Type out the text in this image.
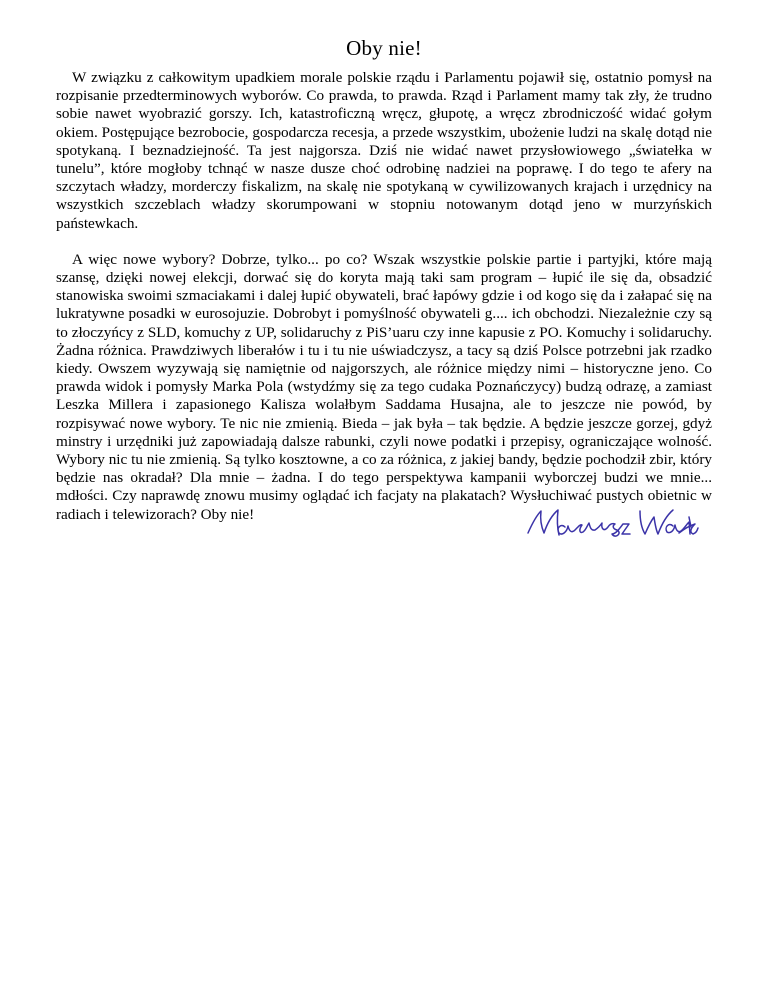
Oby nie!

W związku z całkowitym upadkiem morale polskie rządu i Parlamentu pojawił się, ostatnio pomysł na rozpisanie przedterminowych wyborów. Co prawda, to prawda. Rząd i Parlament mamy tak zły, że trudno sobie nawet wyobrazić gorszy. Ich, katastroficzną wręcz, głupotę, a wręcz zbrodniczość widać gołym okiem. Postępujące bezrobocie, gospodarcza recesja, a przede wszystkim, ubożenie ludzi na skalę dotąd nie spotykaną. I beznadziejność. Ta jest najgorsza. Dziś nie widać nawet przysłowiowego „światełka w tunelu”, które mogłoby tchnąć w nasze dusze choć odrobinę nadziei na poprawę. I do tego te afery na szczytach władzy, morderczy fiskalizm, na skalę nie spotykaną w cywilizowanych krajach i urzędnicy na wszystkich szczeblach władzy skorumpowani w stopniu notowanym dotąd jeno w murzyńskich państewkach.

A więc nowe wybory? Dobrze, tylko... po co? Wszak wszystkie polskie partie i partyjki, które mają szansę, dzięki nowej elekcji, dorwać się do koryta mają taki sam program – łupić ile się da, obsadzić stanowiska swoimi szmaciakami i dalej łupić obywateli, brać łapówy gdzie i od kogo się da i załapać się na lukratywne posadki w eurosojuzie. Dobrobyt i pomyślność obywateli g.... ich obchodzi. Niezależnie czy są to złoczyńcy z SLD, komuchy z UP, solidaruchy z PiS’uaru czy inne kapusie z PO. Komuchy i solidaruchy. Żadna różnica. Prawdziwych liberałów i tu i tu nie uświadczysz, a tacy są dziś Polsce potrzebni jak rzadko kiedy. Owszem wyzywają się namiętnie od najgorszych, ale różnice między nimi – historyczne jeno. Co prawda widok i pomysły Marka Pola (wstydźmy się za tego cudaka Poznańczycy) budzą odrazę, a zamiast Leszka Millera i zapasionego Kalisza wolałbym Saddama Husajna, ale to jeszcze nie powód, by rozpisywać nowe wybory. Te nic nie zmienią. Bieda – jak była – tak będzie. A będzie jeszcze gorzej, gdyż minstry i urzędniki już zapowiadają dalsze rabunki, czyli nowe podatki i przepisy, ograniczające wolność. Wybory nic tu nie zmienią. Są tylko kosztowne, a co za różnica, z jakiej bandy, będzie pochodził zbir, który będzie nas okradał? Dla mnie – żadna. I do tego perspektywa kampanii wyborczej budzi we mnie... mdłości. Czy naprawdę znowu musimy oglądać ich facjaty na plakatach? Wysłuchiwać pustych obietnic w radiach i telewizorach? Oby nie!
